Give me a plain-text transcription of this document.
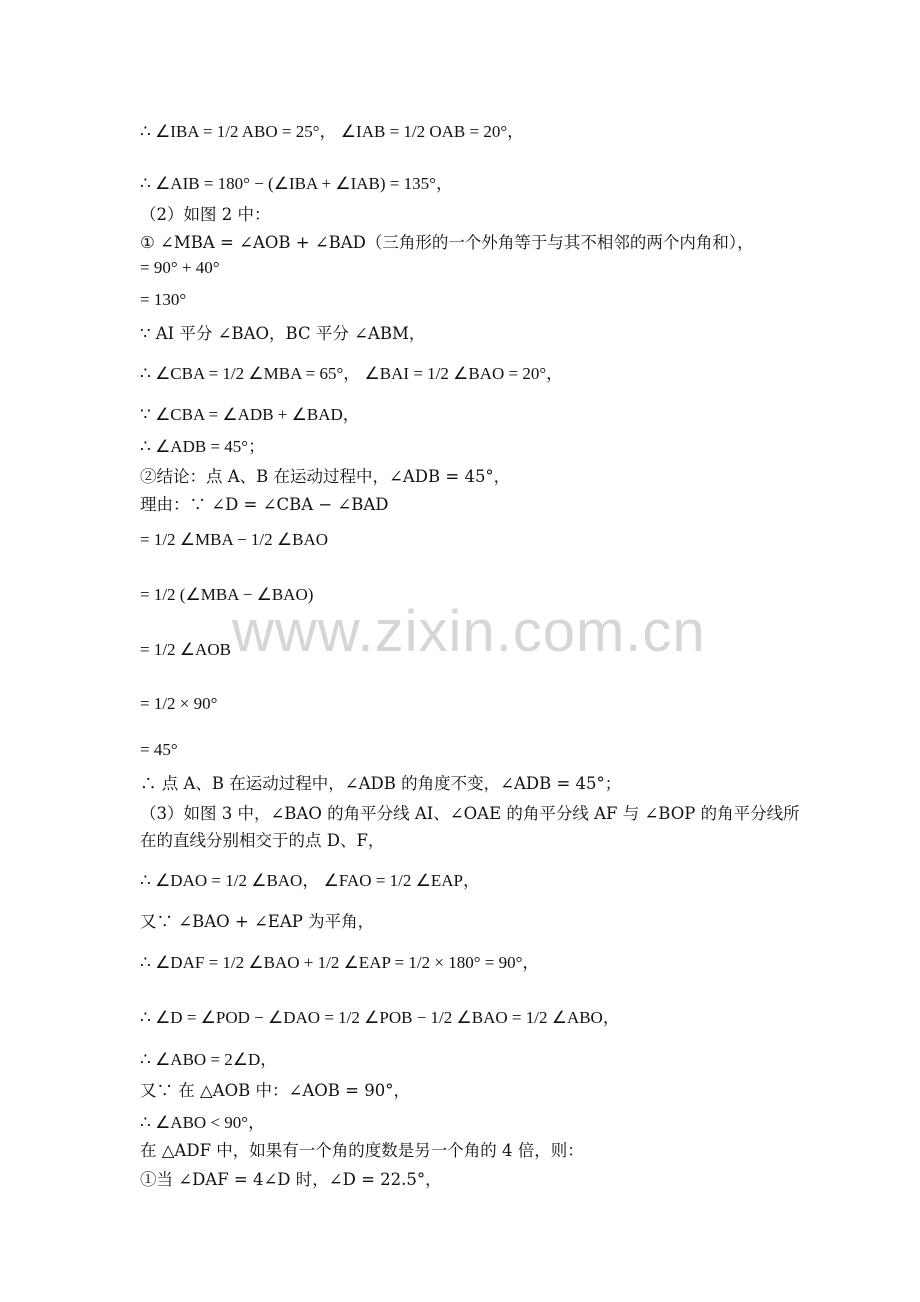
∴ ∠IBA = 1/2 ABO = 25°， ∠IAB = 1/2 OAB = 20°，
∴ ∠AIB = 180° − (∠IBA + ∠IAB) = 135°，
（2）如图 2 中：
① ∠MBA = ∠AOB + ∠BAD（三角形的一个外角等于与其不相邻的两个内角和），
= 90° + 40°
= 130°
∵ AI 平分 ∠BAO，BC 平分 ∠ABM，
∴ ∠CBA = 1/2 ∠MBA = 65°， ∠BAI = 1/2 ∠BAO = 20°，
∵ ∠CBA = ∠ADB + ∠BAD，
∴ ∠ADB = 45°；
②结论：点 A、B 在运动过程中，∠ADB = 45°，
理由：∵ ∠D = ∠CBA − ∠BAD
= 1/2 ∠MBA − 1/2 ∠BAO
= 1/2 (∠MBA − ∠BAO)
= 1/2 ∠AOB
= 1/2 × 90°
= 45°
∴ 点 A、B 在运动过程中，∠ADB 的角度不变，∠ADB = 45°；
（3）如图 3 中，∠BAO 的角平分线 AI、∠OAE 的角平分线 AF 与 ∠BOP 的角平分线所
在的直线分别相交于的点 D、F，
∴ ∠DAO = 1/2 ∠BAO， ∠FAO = 1/2 ∠EAP，
又∵ ∠BAO + ∠EAP 为平角，
∴ ∠DAF = 1/2 ∠BAO + 1/2 ∠EAP = 1/2 × 180° = 90°，
∴ ∠D = ∠POD − ∠DAO = 1/2 ∠POB − 1/2 ∠BAO = 1/2 ∠ABO，
∴ ∠ABO = 2∠D，
又∵ 在 △AOB 中：∠AOB = 90°，
∴ ∠ABO < 90°，
在 △ADF 中，如果有一个角的度数是另一个角的 4 倍，则：
①当 ∠DAF = 4∠D 时，∠D = 22.5°，
www.zixin.com.cn
